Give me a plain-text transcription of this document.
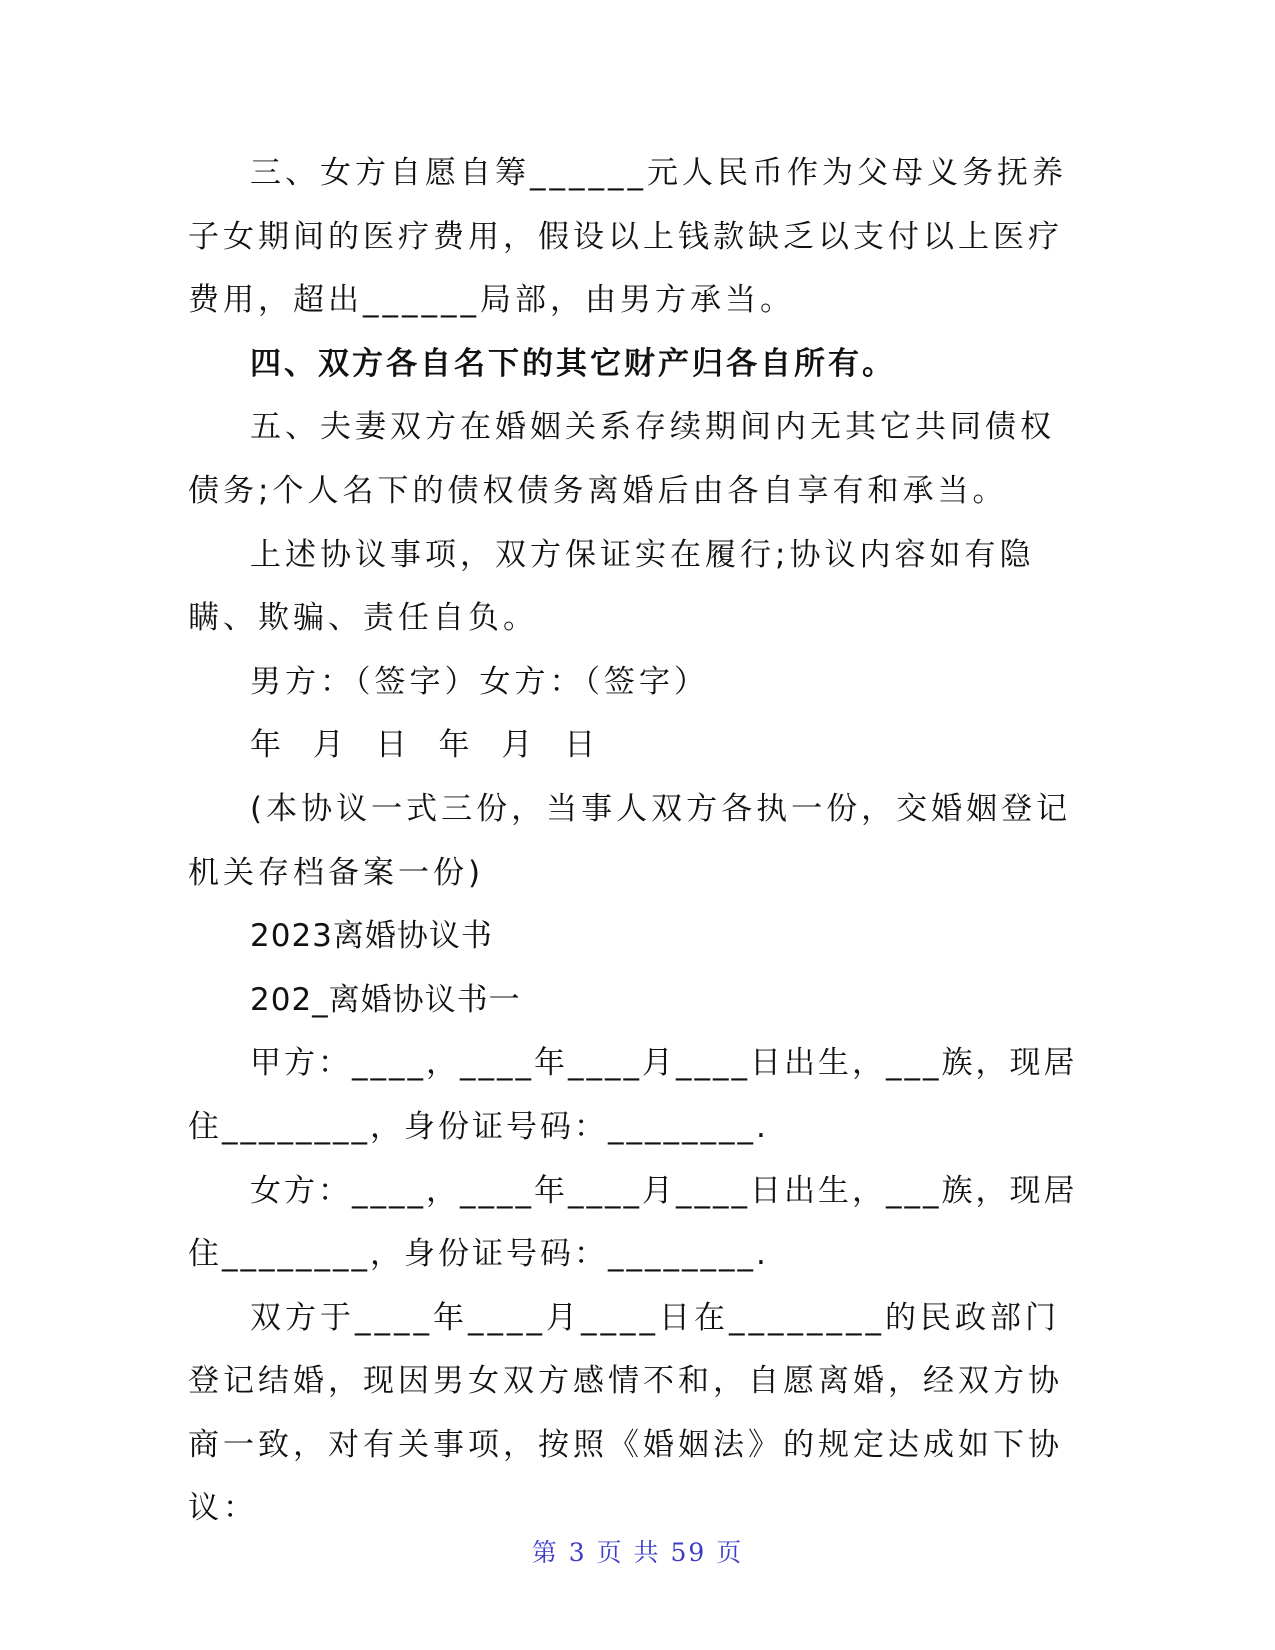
三、女方自愿自筹______元人民币作为父母义务抚养子女期间的医疗费用，假设以上钱款缺乏以支付以上医疗费用，超出______局部，由男方承当。

四、双方各自名下的其它财产归各自所有。

五、夫妻双方在婚姻关系存续期间内无其它共同债权债务;个人名下的债权债务离婚后由各自享有和承当。

上述协议事项，双方保证实在履行;协议内容如有隐瞒、欺骗、责任自负。

男方：（签字）女方：（签字）

年 月 日 年 月 日

(本协议一式三份，当事人双方各执一份，交婚姻登记机关存档备案一份)

2023离婚协议书

202_离婚协议书一

甲方：____，____年____月____日出生，___族，现居住________，身份证号码：________.

女方：____，____年____月____日出生，___族，现居住________，身份证号码：________.

双方于____年____月____日在________的民政部门登记结婚，现因男女双方感情不和，自愿离婚，经双方协商一致，对有关事项，按照《婚姻法》的规定达成如下协议：

第 3 页 共 59 页
